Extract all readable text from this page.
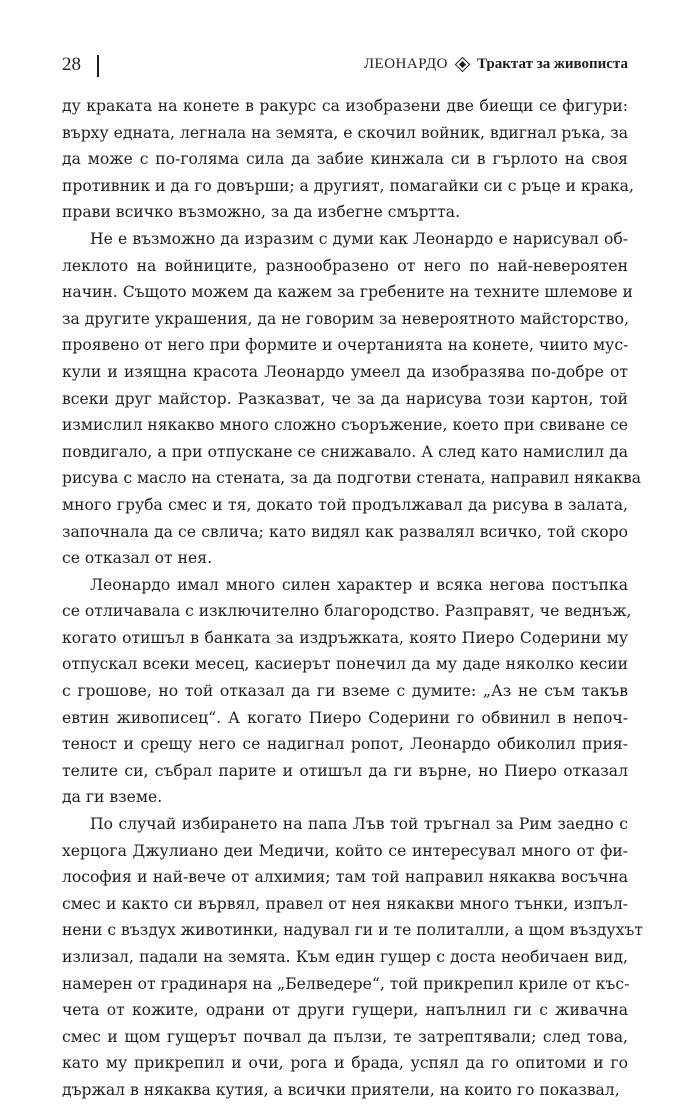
28	ЛЕОНАРДО Трактат за живописта
ду краката на конете в ракурс са изобразени две биещи се фигури:
върху едната, легнала на земята, е скочил войник, вдигнал ръка, за
да може с по-голяма сила да забие кинжала си в гърлото на своя
противник и да го довърши; а другият, помагайки си с ръце и крака,
прави всичко възможно, за да избегне смъртта.
Не е възможно да изразим с думи как Леонардо е нарисувал об-
леклото на войниците, разнообразено от него по най-невероятен
начин. Същото можем да кажем за гребените на техните шлемове и
за другите украшения, да не говорим за невероятното майсторство,
проявено от него при формите и очертанията на конете, чиито мус-
кули и изящна красота Леонардо умеел да изобразява по-добре от
всеки друг майстор. Разказват, че за да нарисува този картон, той
измислил някакво много сложно съоръжение, което при свиване се
повдигало, а при отпускане се снижавало. А след като намислил да
рисува с масло на стената, за да подготви стената, направил някаква
много груба смес и тя, докато той продължавал да рисува в залата,
започнала да се свлича; като видял как развалял всичко, той скоро
се отказал от нея.
Леонардо имал много силен характер и всяка негова постъпка
се отличавала с изключително благородство. Разправят, че веднъж,
когато отишъл в банката за издръжката, която Пиеро Содерини му
отпускал всеки месец, касиерът понечил да му даде няколко кесии
с грошове, но той отказал да ги вземе с думите: „Аз не съм такъв
евтин живописец“. А когато Пиеро Содерини го обвинил в непоч-
теност и срещу него се надигнал ропот, Леонардо обиколил прия-
телите си, събрал парите и отишъл да ги върне, но Пиеро отказал
да ги вземе.
По случай избирането на папа Лъв той тръгнал за Рим заедно с
херцога Джулиано деи Медичи, който се интересувал много от фи-
лософия и най-вече от алхимия; там той направил някаква восъчна
смес и както си вървял, правел от нея някакви много тънки, изпъл-
нени с въздух животинки, надувал ги и те политалли, а щом въздухът
излизал, падали на земята. Към един гущер с доста необичаен вид,
намерен от градинаря на „Белведере“, той прикрепил криле от къс-
чета от кожите, одрани от други гущери, напълнил ги с живачна
смес и щом гущерът почвал да пълзи, те затрептявали; след това,
като му прикрепил и очи, рога и брада, успял да го опитоми и го
държал в някаква кутия, а всички приятели, на които го показвал,
